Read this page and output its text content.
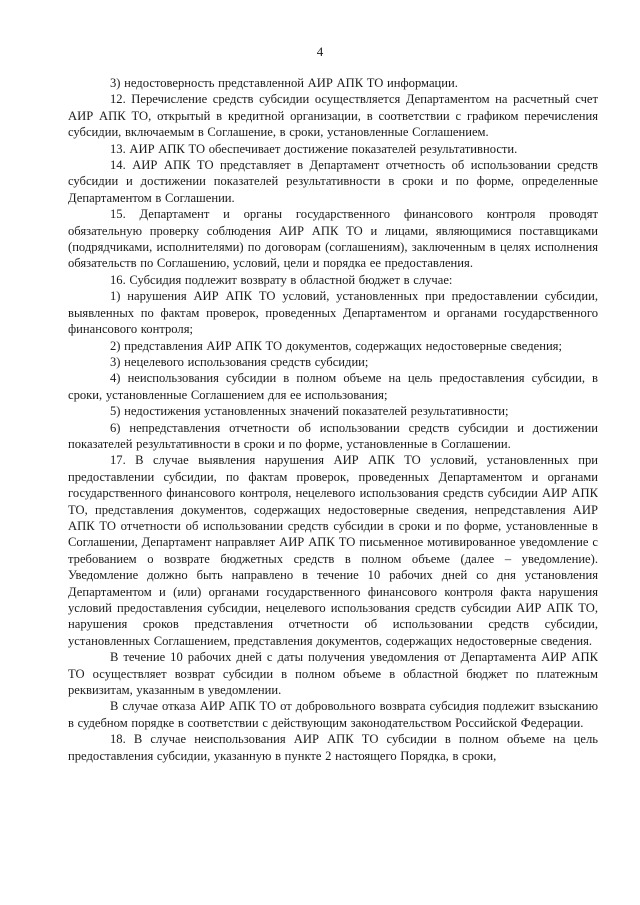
4

3) недостоверность представленной АИР АПК ТО информации.

12. Перечисление средств субсидии осуществляется Департаментом на расчетный счет АИР АПК ТО, открытый в кредитной организации, в соответствии с графиком перечисления субсидии, включаемым в Соглашение, в сроки, установленные Соглашением.

13. АИР АПК ТО обеспечивает достижение показателей результативности.

14. АИР АПК ТО представляет в Департамент отчетность об использовании средств субсидии и достижении показателей результативности в сроки и по форме, определенные Департаментом в Соглашении.

15. Департамент и органы государственного финансового контроля проводят обязательную проверку соблюдения АИР АПК ТО и лицами, являющимися поставщиками (подрядчиками, исполнителями) по договорам (соглашениям), заключенным в целях исполнения обязательств по Соглашению, условий, цели и порядка ее предоставления.

16. Субсидия подлежит возврату в областной бюджет в случае:

1) нарушения АИР АПК ТО условий, установленных при предоставлении субсидии, выявленных по фактам проверок, проведенных Департаментом и органами государственного финансового контроля;

2) представления АИР АПК ТО документов, содержащих недостоверные сведения;

3) нецелевого использования средств субсидии;

4) неиспользования субсидии в полном объеме на цель предоставления субсидии, в сроки, установленные Соглашением для ее использования;

5) недостижения установленных значений показателей результативности;

6) непредставления отчетности об использовании средств субсидии и достижении показателей результативности в сроки и по форме, установленные в Соглашении.

17. В случае выявления нарушения АИР АПК ТО условий, установленных при предоставлении субсидии, по фактам проверок, проведенных Департаментом и органами государственного финансового контроля, нецелевого использования средств субсидии АИР АПК ТО, представления документов, содержащих недостоверные сведения, непредставления АИР АПК ТО отчетности об использовании средств субсидии в сроки и по форме, установленные в Соглашении, Департамент направляет АИР АПК ТО письменное мотивированное уведомление с требованием о возврате бюджетных средств в полном объеме (далее – уведомление). Уведомление должно быть направлено в течение 10 рабочих дней со дня установления Департаментом и (или) органами государственного финансового контроля факта нарушения условий предоставления субсидии, нецелевого использования средств субсидии АИР АПК ТО, нарушения сроков представления отчетности об использовании средств субсидии, установленных Соглашением, представления документов, содержащих недостоверные сведения.

В течение 10 рабочих дней с даты получения уведомления от Департамента АИР АПК ТО осуществляет возврат субсидии в полном объеме в областной бюджет по платежным реквизитам, указанным в уведомлении.

В случае отказа АИР АПК ТО от добровольного возврата субсидия подлежит взысканию в судебном порядке в соответствии с действующим законодательством Российской Федерации.

18. В случае неиспользования АИР АПК ТО субсидии в полном объеме на цель предоставления субсидии, указанную в пункте 2 настоящего Порядка, в сроки,
